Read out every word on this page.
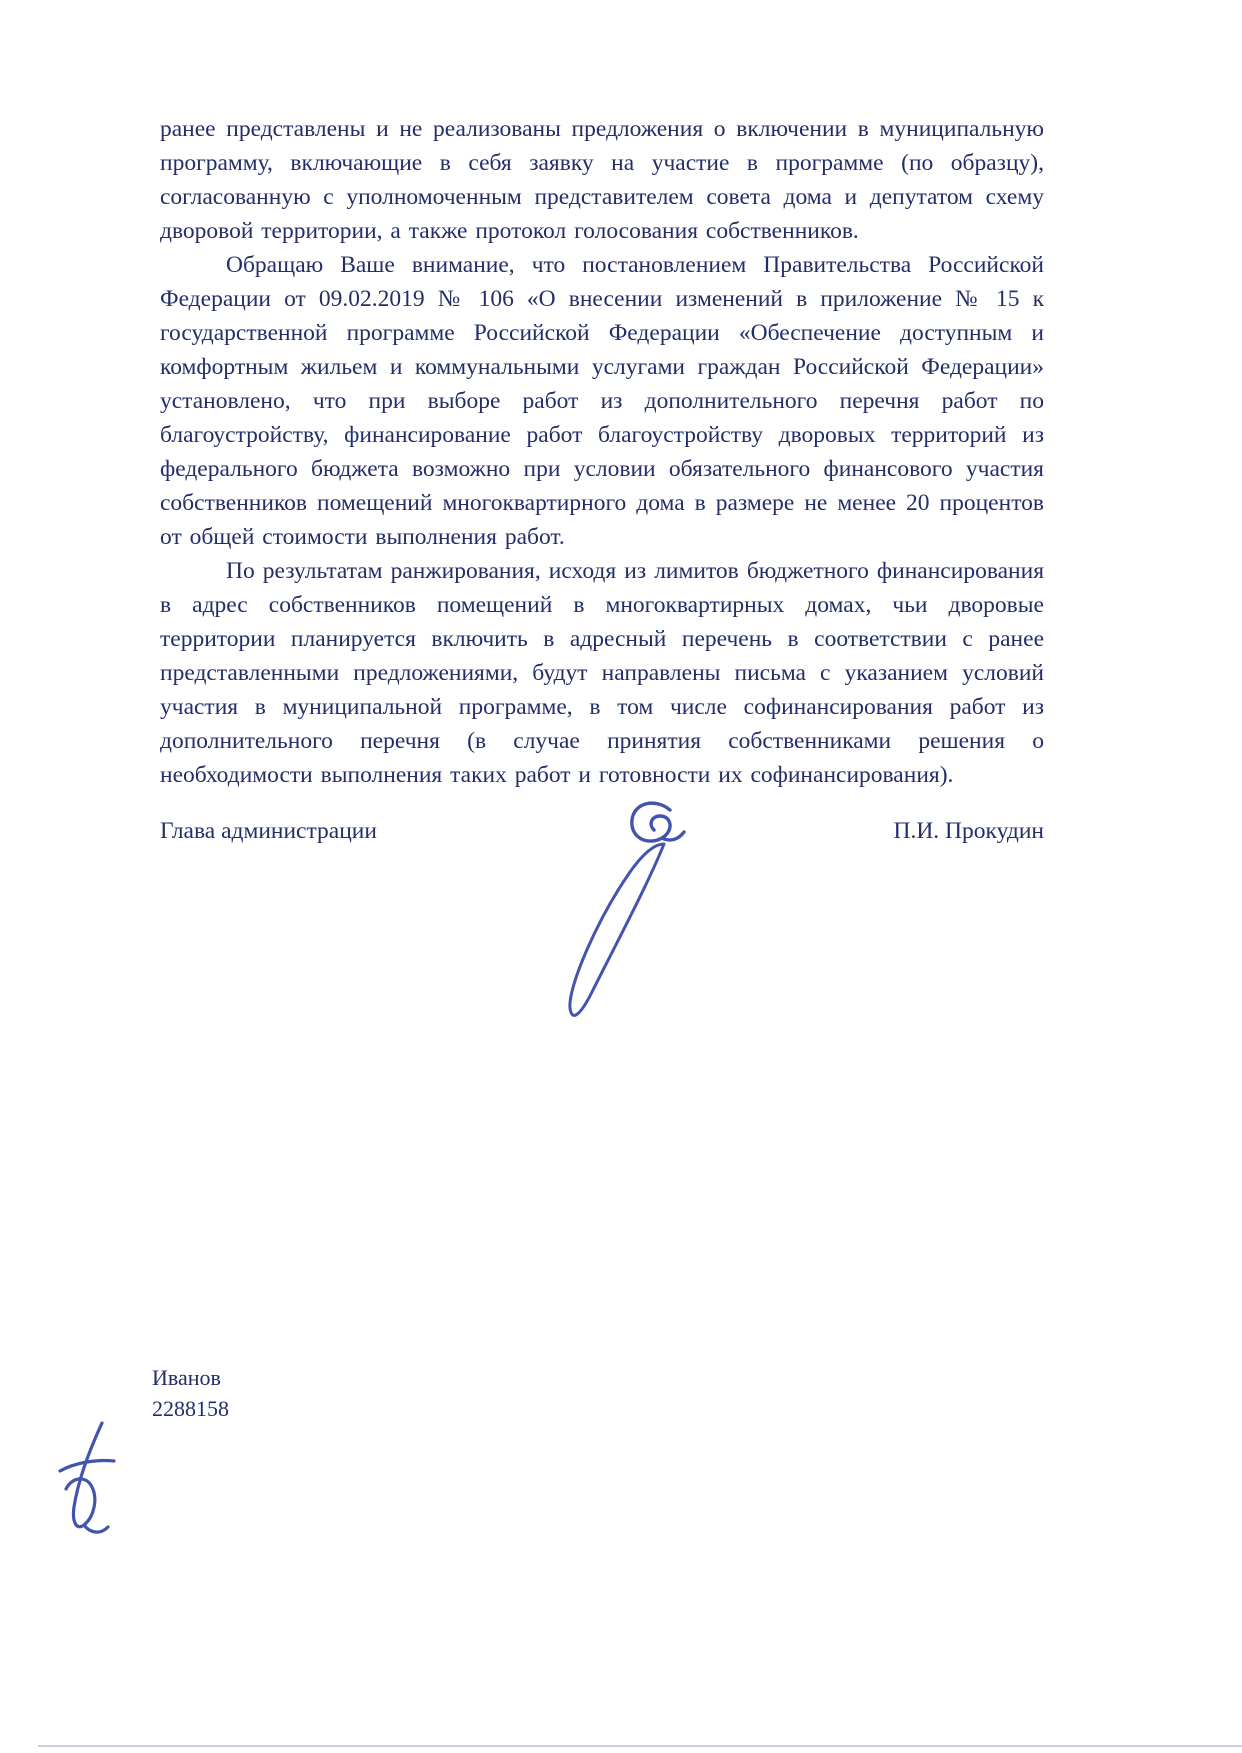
ранее представлены и не реализованы предложения о включении в муниципальную программу, включающие в себя заявку на участие в программе (по образцу), согласованную с уполномоченным представителем совета дома и депутатом схему дворовой территории, а также протокол голосования собственников.

Обращаю Ваше внимание, что постановлением Правительства Российской Федерации от 09.02.2019 № 106 «О внесении изменений в приложение № 15 к государственной программе Российской Федерации «Обеспечение доступным и комфортным жильем и коммунальными услугами граждан Российской Федерации» установлено, что при выборе работ из дополнительного перечня работ по благоустройству, финансирование работ благоустройству дворовых территорий из федерального бюджета возможно при условии обязательного финансового участия собственников помещений многоквартирного дома в размере не менее 20 процентов от общей стоимости выполнения работ.

По результатам ранжирования, исходя из лимитов бюджетного финансирования в адрес собственников помещений в многоквартирных домах, чьи дворовые территории планируется включить в адресный перечень в соответствии с ранее представленными предложениями, будут направлены письма с указанием условий участия в муниципальной программе, в том числе софинансирования работ из дополнительного перечня (в случае принятия собственниками решения о необходимости выполнения таких работ и готовности их софинансирования).

Глава администрации	П.И. Прокудин
Иванов
2288158
